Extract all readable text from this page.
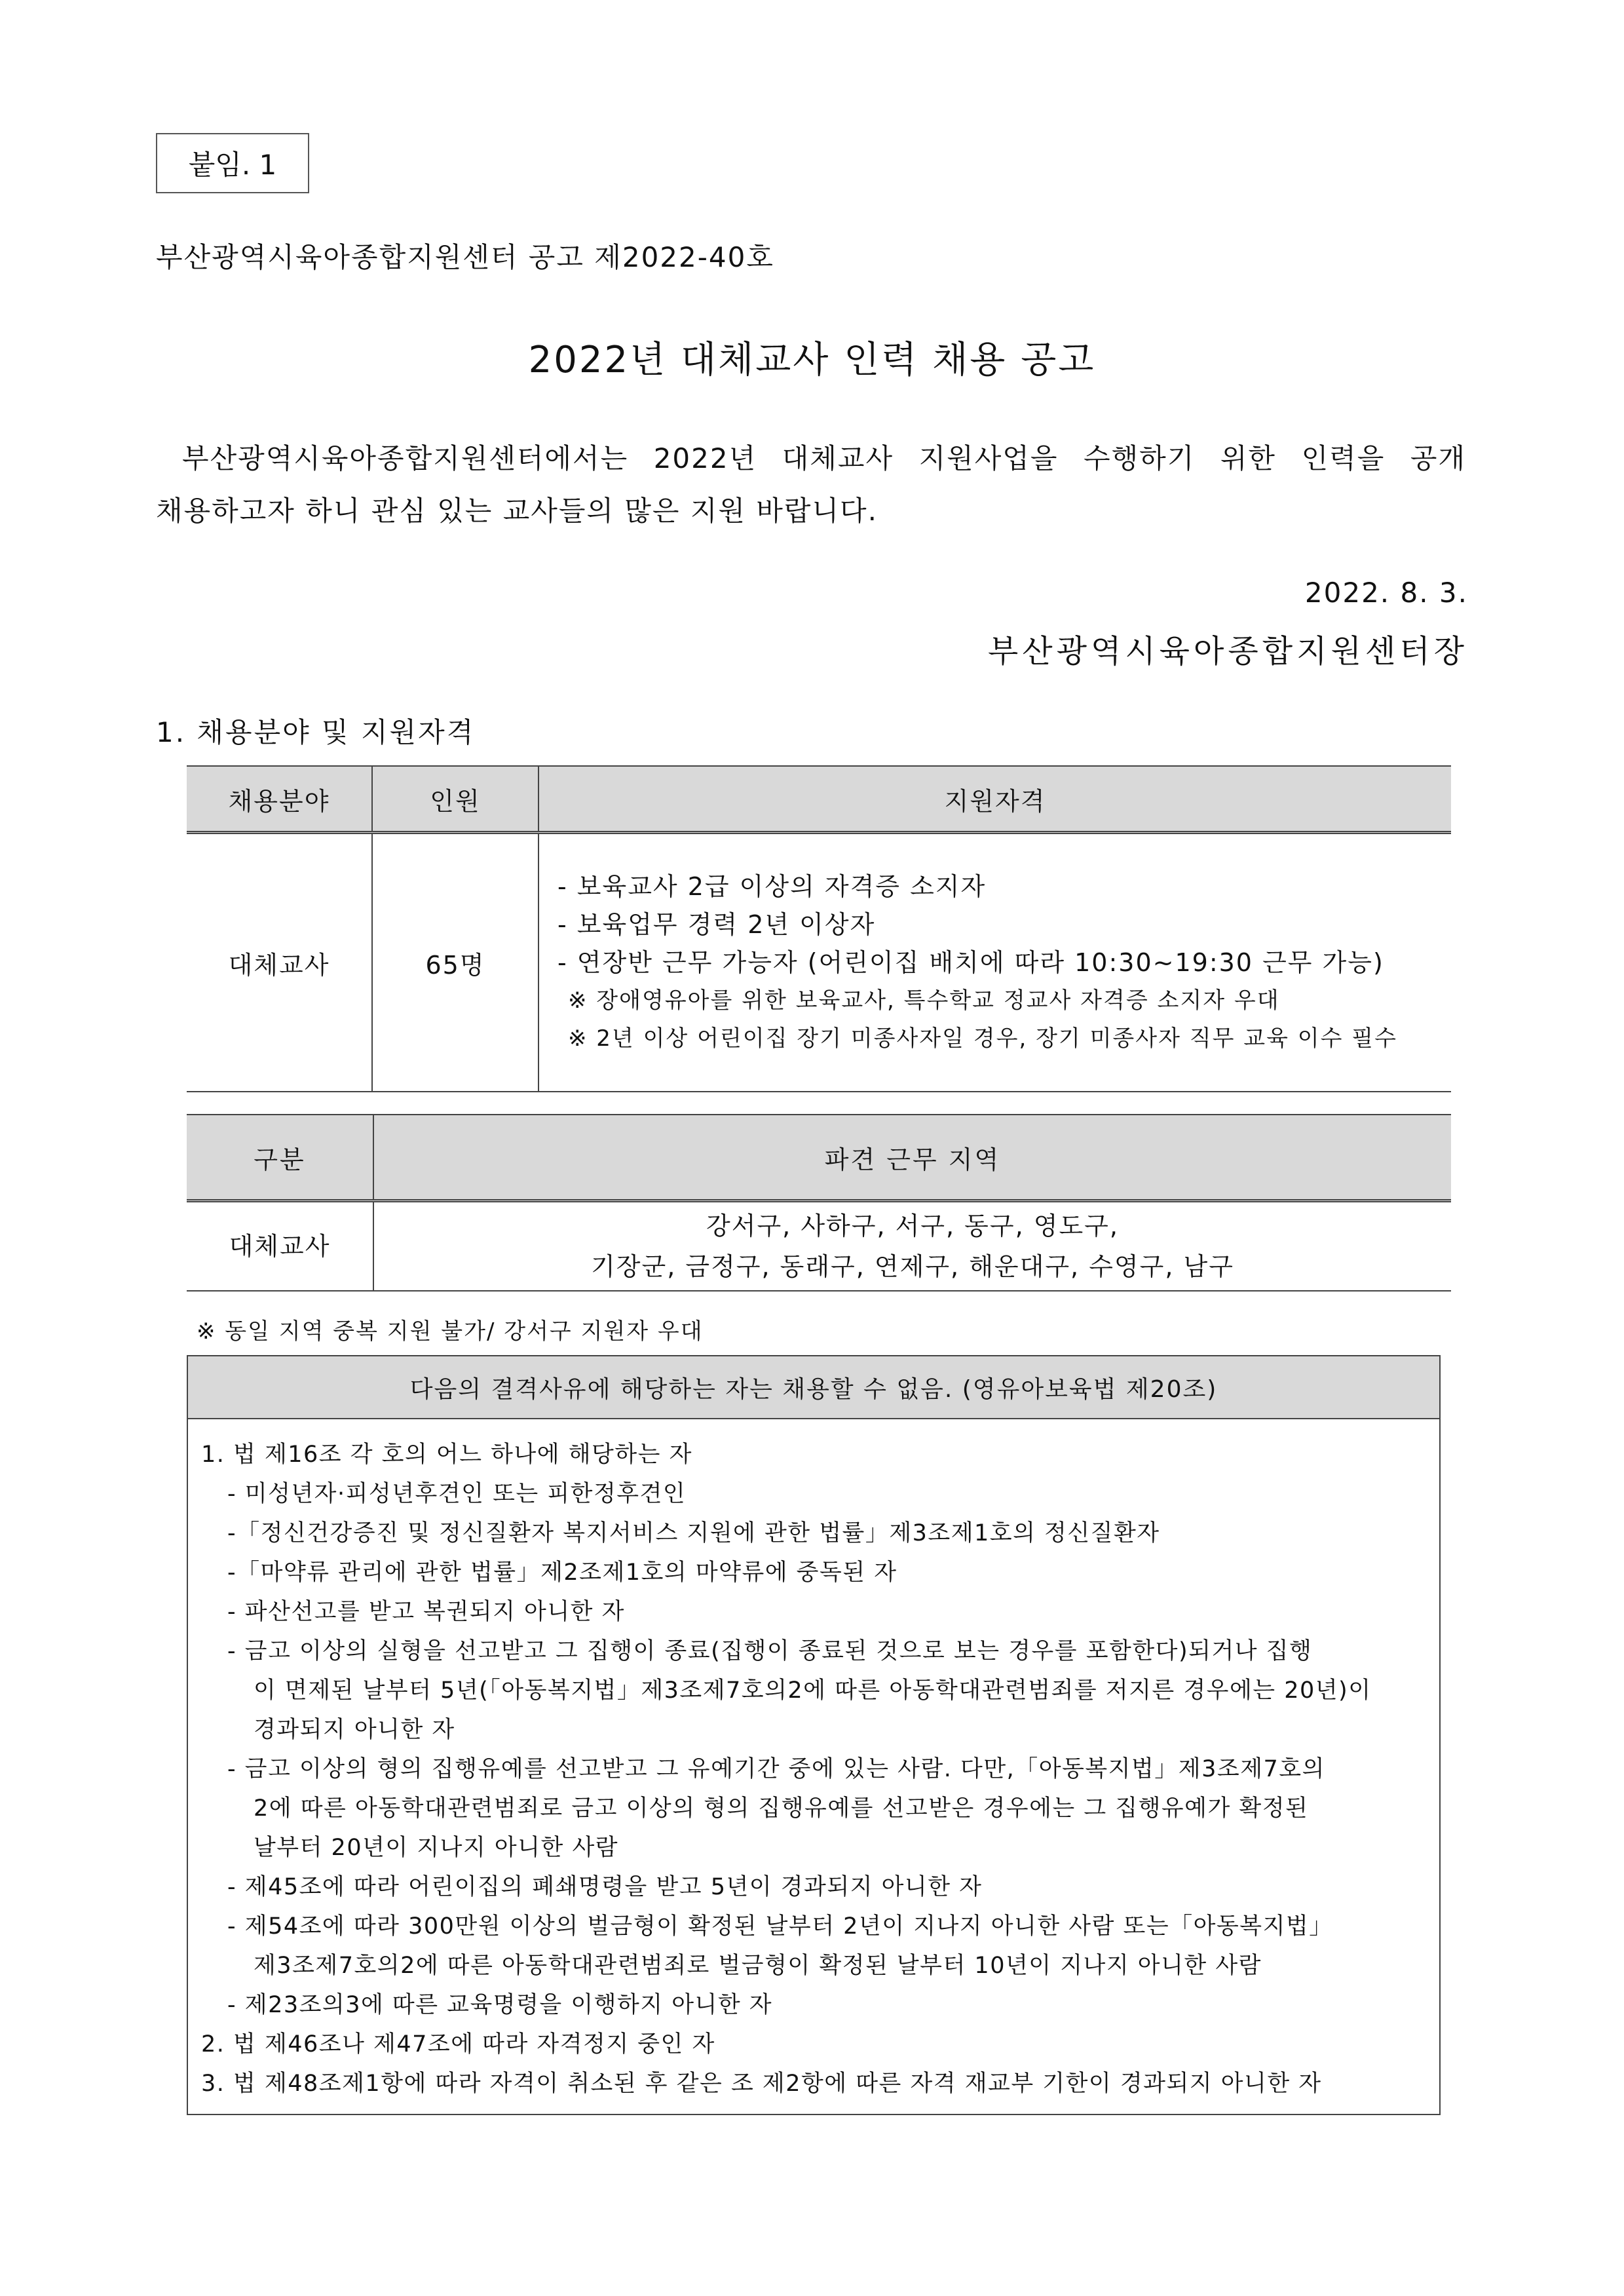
붙임. 1
부산광역시육아종합지원센터 공고 제2022-40호
2022년 대체교사 인력 채용 공고
부산광역시육아종합지원센터에서는 2022년 대체교사 지원사업을 수행하기 위한 인력을 공개
채용하고자 하니 관심 있는 교사들의 많은 지원 바랍니다.
2022. 8. 3.
부산광역시육아종합지원센터장
1. 채용분야 및 지원자격
채용분야	인원	지원자격
대체교사	65명	- 보육교사 2급 이상의 자격증 소지자
- 보육업무 경력 2년 이상자
- 연장반 근무 가능자 (어린이집 배치에 따라 10:30~19:30 근무 가능)
※ 장애영유아를 위한 보육교사, 특수학교 정교사 자격증 소지자 우대
※ 2년 이상 어린이집 장기 미종사자일 경우, 장기 미종사자 직무 교육 이수 필수
구분	파견 근무 지역
대체교사	강서구, 사하구, 서구, 동구, 영도구,
기장군, 금정구, 동래구, 연제구, 해운대구, 수영구, 남구
※ 동일 지역 중복 지원 불가/ 강서구 지원자 우대
다음의 결격사유에 해당하는 자는 채용할 수 없음. (영유아보육법 제20조)
1. 법 제16조 각 호의 어느 하나에 해당하는 자
- 미성년자·피성년후견인 또는 피한정후견인
-「정신건강증진 및 정신질환자 복지서비스 지원에 관한 법률」제3조제1호의 정신질환자
-「마약류 관리에 관한 법률」제2조제1호의 마약류에 중독된 자
- 파산선고를 받고 복권되지 아니한 자
- 금고 이상의 실형을 선고받고 그 집행이 종료(집행이 종료된 것으로 보는 경우를 포함한다)되거나 집행
이 면제된 날부터 5년(「아동복지법」제3조제7호의2에 따른 아동학대관련범죄를 저지른 경우에는 20년)이
경과되지 아니한 자
- 금고 이상의 형의 집행유예를 선고받고 그 유예기간 중에 있는 사람. 다만,「아동복지법」제3조제7호의
2에 따른 아동학대관련범죄로 금고 이상의 형의 집행유예를 선고받은 경우에는 그 집행유예가 확정된
날부터 20년이 지나지 아니한 사람
- 제45조에 따라 어린이집의 폐쇄명령을 받고 5년이 경과되지 아니한 자
- 제54조에 따라 300만원 이상의 벌금형이 확정된 날부터 2년이 지나지 아니한 사람 또는「아동복지법」
제3조제7호의2에 따른 아동학대관련범죄로 벌금형이 확정된 날부터 10년이 지나지 아니한 사람
- 제23조의3에 따른 교육명령을 이행하지 아니한 자
2. 법 제46조나 제47조에 따라 자격정지 중인 자
3. 법 제48조제1항에 따라 자격이 취소된 후 같은 조 제2항에 따른 자격 재교부 기한이 경과되지 아니한 자
